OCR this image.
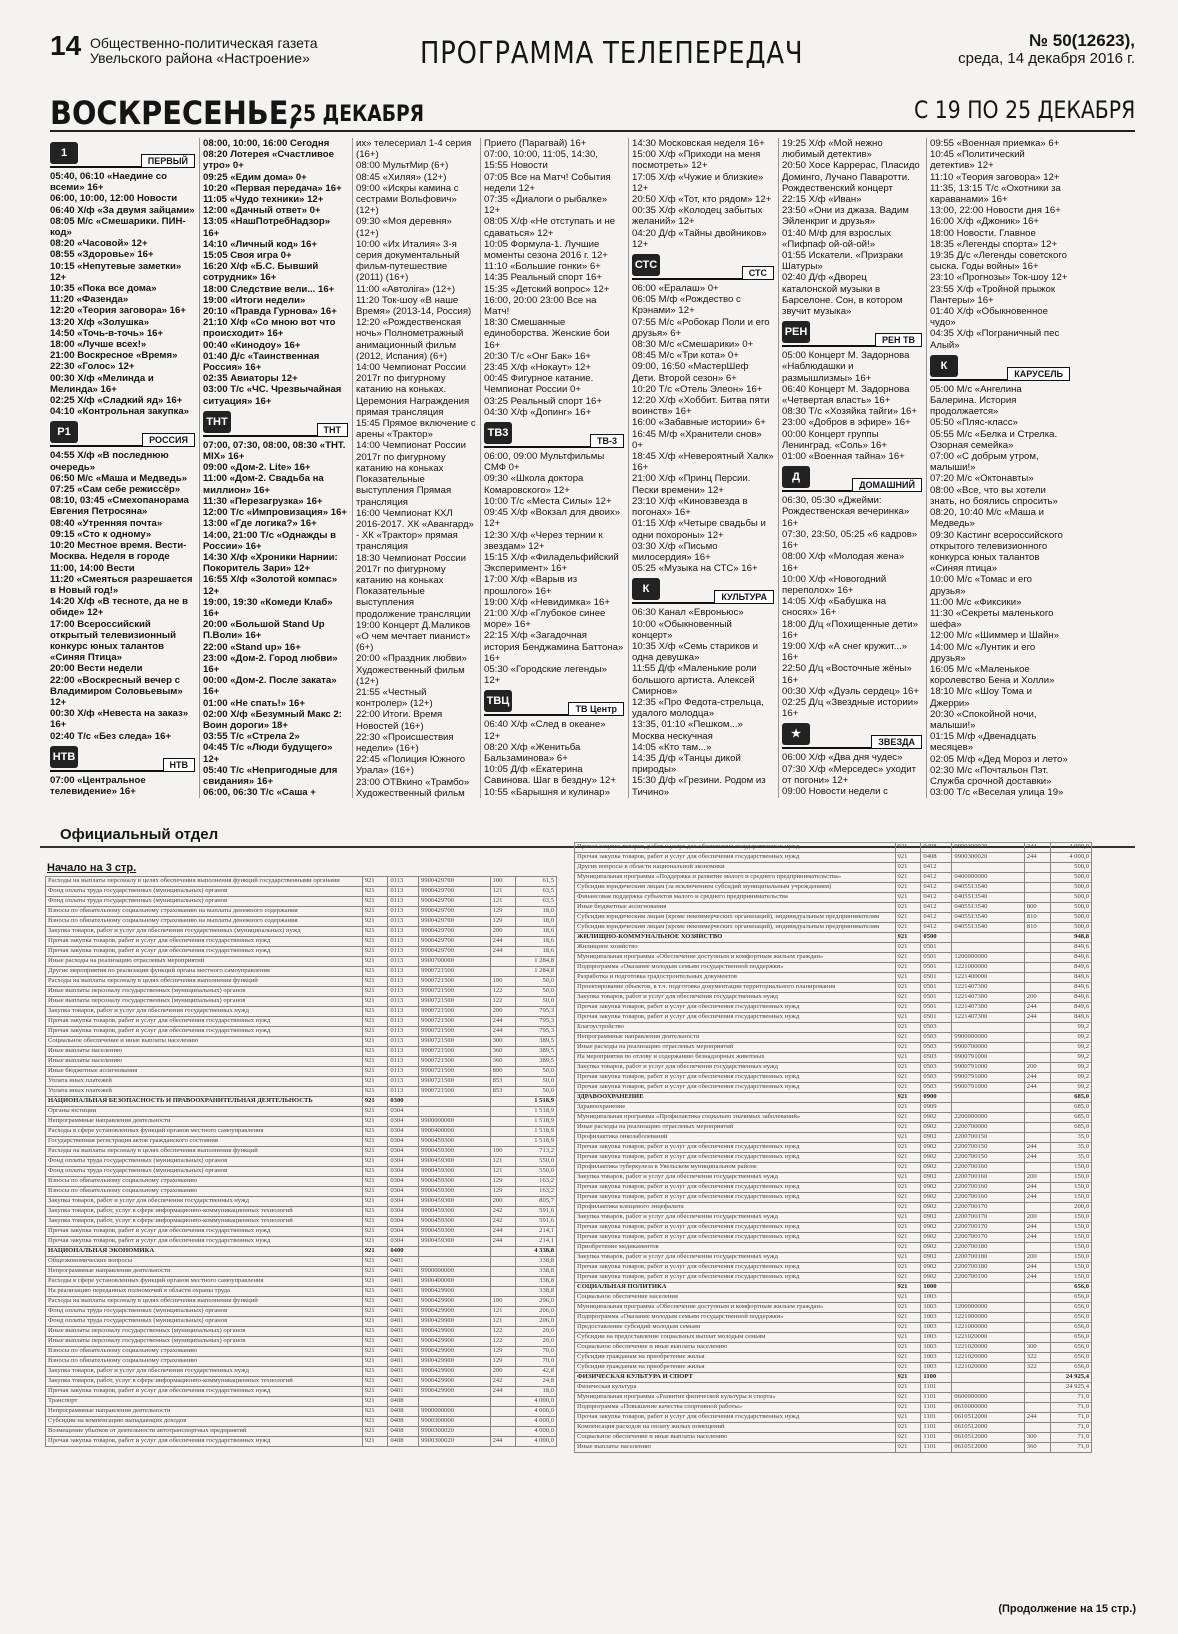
14 Общественно-политическая газета
Увельского района «Настроение»	ПРОГРАММА ТЕЛЕПЕРЕДАЧ	№ 50(12623),
среда, 14 декабря 2016 г.
ВОСКРЕСЕНЬЕ,
25 ДЕКАБРЯ	С 19 ПО 25 ДЕКАБРЯ
1
ПЕРВЫЙ

05:40, 06:10 «Наедине со всеми» 16+

06:00, 10:00, 12:00 Новости

06:40 Х/ф «За двумя зайцами»

08:05 М/с «Смешарики. ПИН-код»

08:20 «Часовой» 12+

08:55 «Здоровье» 16+

10:15 «Непутевые заметки» 12+

10:35 «Пока все дома»

11:20 «Фазенда»

12:20 «Теория заговора» 16+

13:20 Х/ф «Золушка»

14:50 «Точь-в-точь» 16+

18:00 «Лучше всех!»

21:00 Воскресное «Время»

22:30 «Голос» 12+

00:30 Х/ф «Мелинда и Мелинда» 16+

02:25 Х/ф «Сладкий яд» 16+

04:10 «Контрольная закупка»

Р1
РОССИЯ

04:55 Х/ф «В последнюю очередь»

06:50 М/с «Маша и Медведь»

07:25 «Сам себе режиссёр»

08:10, 03:45 «Смехопанорама Евгения Петросяна»

08:40 «Утренняя почта»

09:15 «Сто к одному»

10:20 Местное время. Вести-Москва. Неделя в городе

11:00, 14:00 Вести

11:20 «Смеяться разрешается в Новый год!»

14:20 Х/ф «В тесноте, да не в обиде» 12+

17:00 Всероссийский открытый телевизионный конкурс юных талантов «Синяя Птица»

20:00 Вести недели

22:00 «Воскресный вечер с Владимиром Соловьевым» 12+

00:30 Х/ф «Невеста на заказ» 16+

02:40 Т/с «Без следа» 16+

НТВ
НТВ

07:00 «Центральное телевидение» 16+

08:00, 10:00, 16:00 Сегодня

08:20 Лотерея «Счастливое утро» 0+

09:25 «Едим дома» 0+

10:20 «Первая передача» 16+

11:05 «Чудо техники» 12+

12:00 «Дачный ответ» 0+

13:05 «НашПотребНадзор» 16+

14:10 «Личный код» 16+

15:05 Своя игра 0+

16:20 Х/ф «Б.С. Бывший сотрудник» 16+

18:00 Следствие вели... 16+

19:00 «Итоги недели»

20:10 «Правда Гурнова» 16+

21:10 Х/ф «Со мною вот что происходит» 16+

00:40 «Кинодоу» 16+

01:40 Д/с «Таинственная Россия» 16+

02:35 Авиаторы 12+

03:00 Т/с «ЧС. Чрезвычайная ситуация» 16+

ТНТ
ТНТ

07:00, 07:30, 08:00, 08:30 «ТНТ. MIX» 16+

09:00 «Дом-2. Lite» 16+

11:00 «Дом-2. Свадьба на миллион» 16+

11:30 «Перезагрузка» 16+

12:00 Т/с «Импровизация» 16+

13:00 «Где логика?» 16+

14:00, 21:00 Т/с «Однажды в России» 16+

14:30 Х/ф «Хроники Нарнии: Покоритель Зари» 12+

16:55 Х/ф «Золотой компас» 12+

19:00, 19:30 «Комеди Клаб» 16+

20:00 «Большой Stand Up П.Воли» 16+

22:00 «Stand up» 16+

23:00 «Дом-2. Город любви» 16+

00:00 «Дом-2. После заката» 16+

01:00 «Не спать!» 16+

02:00 Х/ф «Безумный Макс 2: Воин дороги» 18+

03:55 Т/с «Стрела 2»

04:45 Т/с «Люди будущего» 12+

05:40 Т/с «Непригодные для свидания» 16+

06:00, 06:30 Т/с «Саша +

их» телесериал 1-4 серия (16+)

08:00 МультМир (6+)

08:45 «Хиляя» (12+)

09:00 «Искры камина с сестрами Вольфович» (12+)

09:30 «Моя деревня» (12+)

10:00 «Их Италия» 3-я серия документальный фильм-путешествие (2011) (16+)

11:00 «Автоліга» (12+)

11:20 Ток-шоу «В наше Время» (2013-14, Россия)

12:20 «Рождественская ночь» Полнометражный анимационный фильм (2012, Испания) (6+)

14:00 Чемпионат России 2017г по фигурному катанию на коньках. Церемония Награждения прямая трансляция

15:45 Прямое включение с арены «Трактор»

14:00 Чемпионат России 2017г по фигурному катанию на коньках Показательные выступления Прямая трансляция

16:00 Чемпионат КХЛ 2016-2017. ХК «Авангард» - ХК «Трактор» прямая трансляция

18:30 Чемпионат России 2017г по фигурному катанию на коньках Показательные выступления продолжение трансляции

19:00 Концерт Д.Маликов «О чем мечтает пианист» (6+)

20:00 «Праздник любви» Художественный фильм (12+)

21:55 «Честный контролер» (12+)

22:00 Итоги. Время Новостей (16+)

22:30 «Происшествия недели» (16+)

22:45 «Полиция Южного Урала» (16+)

23:00 ОТВкино «Трамбо» Художественный фильм

Прието (Парагвай) 16+

07:00, 10:00, 11:05, 14:30, 15:55 Новости

07:05 Все на Матч! События недели 12+

07:35 «Диалоги о рыбалке» 12+

08:05 Х/ф «Не отступать и не сдаваться» 12+

10:05 Формула-1. Лучшие моменты сезона 2016 г. 12+

11:10 «Большие гонки» 6+

14:35 Реальный спорт 16+

15:35 «Детский вопрос» 12+

16:00, 20:00 23:00 Все на Матч!

18:30 Смешанные единоборства. Женские бои 16+

20:30 Т/с «Онг Бак» 16+

23:45 Х/ф «Нокаут» 12+

00:45 Фигурное катание. Чемпионат России 0+

03:25 Реальный спорт 16+

04:30 Х/ф «Допинг» 16+

ТВ3
ТВ-3

06:00, 09:00 Мультфильмы СМФ 0+

09:30 «Школа доктора Комаровского» 12+

10:00 Т/с «Места Силы» 12+

09:45 Х/ф «Вокзал для двоих» 12+

12:30 Х/ф «Через тернии к звездам» 12+

15:15 Х/ф «Филадельфийский Эксперимент» 16+

17:00 Х/ф «Варыв из прошлого» 16+

19:00 Х/ф «Невидимка» 16+

21:00 Х/ф «Глубокое синее море» 16+

22:15 Х/ф «Загадочная история Бенджамина Баттона» 16+

05:30 «Городские легенды» 12+

ТВЦ
ТВ Центр

06:40 Х/ф «След в океане» 12+

08:20 Х/ф «Женитьба Бальзаминова» 6+

10:05 Д/ф «Екатерина Савинова. Шаг в бездну» 12+

10:55 «Барышня и кулинар»

14:30 Московская неделя 16+

15:00 Х/ф «Приходи на меня посмотреть» 12+

17:05 Х/ф «Чужие и близкие» 12+

20:50 Х/ф «Тот, кто рядом» 12+

00:35 Х/ф «Колодец забытых желаний» 12+

04:20 Д/ф «Тайны двойников» 12+

СТС
СТС

06:00 «Ералаш» 0+

06:05 М/ф «Рождество с Крэнами» 12+

07:55 М/с «Робокар Поли и его друзья» 6+

08:30 М/с «Смешарики» 0+

08:45 М/с «Три кота» 0+

09:00, 16:50 «МастерШеф Дети. Второй сезон» 6+

10:20 Т/с «Отель Элеон» 16+

12:20 Х/ф «Хоббит. Битва пяти воинств» 16+

16:00 «Забавные истории» 6+

16:45 М/ф «Хранители снов» 0+

18:45 Х/ф «Невероятный Халк» 16+

21:00 Х/ф «Принц Персии. Пески времени» 12+

23:10 Х/ф «Киновзвезда в погонах» 16+

01:15 Х/ф «Четыре свадьбы и одни похороны» 12+

03:30 Х/ф «Письмо милосердия» 16+

05:25 «Музыка на СТС» 16+

К
КУЛЬТУРА

06:30 Канал «Евроньюс»

10:00 «Обыкновенный концерт»

10:35 Х/ф «Семь стариков и одна девушка»

11:55 Д/ф «Маленькие роли большого артиста. Алексей Смирнов»

12:35 «Про Федота-стрельца, удалого молодца»

13:35, 01:10 «Пешком...» Москва нескучная

14:05 «Кто там...»

14:35 Д/ф «Танцы дикой природы»

15:30 Д/ф «Грезини. Родом из Тичино»

19:25 Х/ф «Мой нежно любимый детектив»

20:50 Хосе Каррерас, Пласидо Доминго, Лучано Паваротти. Рождественский концерт

22:15 Х/ф «Иван»

23:50 «Они из джаза. Вадим Эйленкриг и друзья»

01:40 М/ф для взрослых «Пифпаф ой-ой-ой!»

01:55 Искатели. «Призраки Шатуры»

02:40 Д/ф «Дворец каталонской музыки в Барселоне. Сон, в котором звучит музыка»

РЕН
РЕН ТВ

05:00 Концерт М. Задорнова «Наблюдашки и размышлизмы» 16+

06:40 Концерт М. Задорнова «Четвертая власть» 16+

08:30 Т/с «Хозяйка тайги» 16+

23:00 «Добров в эфире» 16+

00:00 Концерт группы Ленинград. «Соль» 16+

01:00 «Военная тайна» 16+

Д
ДОМАШНИЙ

06:30, 05:30 «Джейми: Рождественская вечеринка» 16+

07:30, 23:50, 05:25 «6 кадров» 16+

08:00 Х/ф «Молодая жена» 16+

10:00 Х/ф «Новогодний переполох» 16+

14:05 Х/ф «Бабушка на сносях» 16+

18:00 Д/ц «Похищенные дети» 16+

19:00 Х/ф «А снег кружит...» 16+

22:50 Д/ц «Восточные жёны» 16+

00:30 Х/ф «Дуэль сердец» 16+

02:25 Д/ц «Звездные истории» 16+

★
ЗВЕЗДА

06:00 Х/ф «Два дня чудес»

07:30 Х/ф «Мерседес» уходит от погони» 12+

09:00 Новости недели с

09:55 «Военная приемка» 6+

10:45 «Политический детектив» 12+

11:10 «Теория заговора» 12+

11:35, 13:15 Т/с «Охотники за караванами» 16+

13:00, 22:00 Новости дня 16+

16:00 Х/ф «Джоник» 16+

18:00 Новости. Главное

18:35 «Легенды спорта» 12+

19:35 Д/с «Легенды советского сыска. Годы войны» 16+

23:10 «Прогнозы» Ток-шоу 12+

23:55 Х/ф «Тройной прыжок Пантеры» 16+

01:40 Х/ф «Обыкновенное чудо»

04:35 Х/ф «Пограничный пес Алый»

К
КАРУСЕЛЬ

05:00 М/с «Ангелина Балерина. История продолжается»

05:50 «Пляс-класс»

05:55 М/с «Белка и Стрелка. Озорная семейка»

07:00 «С добрым утром, малыши!»

07:20 М/с «Октонавты»

08:00 «Все, что вы хотели знать, но боялись спросить»

08:20, 10:40 М/с «Маша и Медведь»

09:30 Кастинг всероссийского открытого телевизионного конкурса юных талантов «Синяя птица»

10:00 М/с «Томас и его друзья»

11:00 М/с «Фиксики»

11:30 «Секреты маленького шефа»

12:00 М/с «Шиммер и Шайн»

14:00 М/с «Лунтик и его друзья»

16:05 М/с «Маленькое королевство Бена и Холли»

18:10 М/с «Шоу Тома и Джерри»

20:30 «Спокойной ночи, малыши!»

01:15 М/ф «Двенадцать месяцев»

02:05 М/ф «Дед Мороз и лето»

02:30 М/с «Почтальон Пэт. Служба срочной доставки»

03:00 Т/с «Веселая улица 19»

Официальный отдел
Начало на 3 стр.
Расходы на выплаты персоналу в целях обеспечения выполнения функций государственными органами	921	0113	9900429700	100	61,5
Фонд оплаты труда государственных (муниципальных) органов	921	0113	9900429700	121	63,5
Фонд оплаты труда государственных (муниципальных) органов	921	0113	9900429700	121	63,5
Взносы по обязательному социальному страхованию на выплаты денежного содержания	921	0113	9900429700	129	18,0
Взносы по обязательному социальному страхованию на выплаты денежного содержания	921	0113	9900429700	129	18,0
Закупка товаров, работ и услуг для обеспечения государственных (муниципальных) нужд	921	0113	9900429700	200	18,6
Прочая закупка товаров, работ и услуг для обеспечения государственных нужд	921	0113	9900429700	244	18,6
Прочая закупка товаров, работ и услуг для обеспечения государственных нужд	921	0113	9900429700	244	18,6
Иные расходы на реализацию отраслевых мероприятий	921	0113	9900700000		1 284,8
Другие мероприятия по реализации функций органа местного самоуправления	921	0113	9900721500		1 284,8
Расходы на выплаты персоналу в целях обеспечения выполнения функций	921	0113	9900721500	100	50,0
Иные выплаты персоналу государственных (муниципальных) органов	921	0113	9900721500	122	50,0
Иные выплаты персоналу государственных (муниципальных) органов	921	0113	9900721500	122	50,0
Закупка товаров, работ и услуг для обеспечения государственных нужд	921	0113	9900721500	200	795,3
Прочая закупка товаров, работ и услуг для обеспечения государственных нужд	921	0113	9900721500	244	795,3
Прочая закупка товаров, работ и услуг для обеспечения государственных нужд	921	0113	9900721500	244	795,3
Социальное обеспечение и иные выплаты населению	921	0113	9900721500	300	389,5
Иные выплаты населению	921	0113	9900721500	360	389,5
Иные выплаты населению	921	0113	9900721500	360	389,5
Иные бюджетные ассигнования	921	0113	9900721500	800	50,0
Уплата иных платежей	921	0113	9900721500	853	50,0
Уплата иных платежей	921	0113	9900721500	853	50,0
НАЦИОНАЛЬНАЯ БЕЗОПАСНОСТЬ И ПРАВООХРАНИТЕЛЬНАЯ ДЕЯТЕЛЬНОСТЬ	921	0300			1 518,9
Органы юстиции	921	0304			1 518,9
Непрограммные направления деятельности	921	0304	9900000000		1 518,9
Расходы в сфере установленных функций органов местного самоуправления	921	0304	9900400000		1 518,9
Государственная регистрация актов гражданского состояния	921	0304	9900459300		1 518,9
Расходы на выплаты персоналу в целях обеспечения выполнения функций	921	0304	9900459300	100	713,2
Фонд оплаты труда государственных (муниципальных) органов	921	0304	9900459300	121	550,0
Фонд оплаты труда государственных (муниципальных) органов	921	0304	9900459300	121	550,0
Взносы по обязательному социальному страхованию	921	0304	9900459300	129	163,2
Взносы по обязательному социальному страхованию	921	0304	9900459300	129	163,2
Закупка товаров, работ и услуг для обеспечения государственных нужд	921	0304	9900459300	200	805,7
Закупка товаров, работ, услуг в сфере информационно-коммуникационных технологий	921	0304	9900459300	242	591,6
Закупка товаров, работ, услуг в сфере информационно-коммуникационных технологий	921	0304	9900459300	242	591,6
Прочая закупка товаров, работ и услуг для обеспечения государственных нужд	921	0304	9900459300	244	214,1
Прочая закупка товаров, работ и услуг для обеспечения государственных нужд	921	0304	9900459300	244	214,1
НАЦИОНАЛЬНАЯ ЭКОНОМИКА	921	0400			4 338,8
Общеэкономические вопросы	921	0401			338,8
Непрограммные направления деятельности	921	0401	9900000000		338,8
Расходы в сфере установленных функций органов местного самоуправления	921	0401	9900400000		338,8
На реализацию переданных полномочий в области охраны труда	921	0401	9900429900		338,8
Расходы на выплаты персоналу в целях обеспечения выполнения функций	921	0401	9900429900	100	296,0
Фонд оплаты труда государственных (муниципальных) органов	921	0401	9900429900	121	206,0
Фонд оплаты труда государственных (муниципальных) органов	921	0401	9900429900	121	206,0
Иные выплаты персоналу государственных (муниципальных) органов	921	0401	9900429900	122	20,0
Иные выплаты персоналу государственных (муниципальных) органов	921	0401	9900429900	122	20,0
Взносы по обязательному социальному страхованию	921	0401	9900429900	129	70,0
Взносы по обязательному социальному страхованию	921	0401	9900429900	129	70,0
Закупка товаров, работ и услуг для обеспечения государственных нужд	921	0401	9900429900	200	42,8
Закупка товаров, работ, услуг в сфере информационно-коммуникационных технологий	921	0401	9900429900	242	24,8
Прочая закупка товаров, работ и услуг для обеспечения государственных нужд	921	0401	9900429900	244	18,0
Транспорт	921	0408			4 000,0
Непрограммные направления деятельности	921	0408	9900000000		4 000,0
Субсидии на компенсацию выпадающих доходов	921	0408	9900300000		4 000,0
Возмещение убытков от деятельности автотранспортных предприятий	921	0408	9900300020		4 000,0
Прочая закупка товаров, работ и услуг для обеспечения государственных нужд	921	0408	9900300020	244	4 000,0
Прочая закупка товаров, работ и услуг для обеспечения государственных нужд	921	0408	9900300020	244	4 000,0
Прочая закупка товаров, работ и услуг для обеспечения государственных нужд	921	0408	9900300020	244	4 000,0
Другие вопросы в области национальной экономики	921	0412			500,0
Муниципальная программа «Поддержка и развитие малого и среднего предпринимательства»	921	0412	0400000000		500,0
Субсидии юридическим лицам (за исключением субсидий муниципальным учреждениям)	921	0412	0405513540		500,0
Финансовая поддержка субъектов малого и среднего предпринимательства	921	0412	0405513540		500,0
Иные бюджетные ассигнования	921	0412	0405513540	800	500,0
Субсидии юридическим лицам (кроме некоммерческих организаций), индивидуальным предпринимателям	921	0412	0405513540	810	500,0
Субсидии юридическим лицам (кроме некоммерческих организаций), индивидуальным предпринимателям	921	0412	0405513540	810	500,0
ЖИЛИЩНО-КОММУНАЛЬНОЕ ХОЗЯЙСТВО	921	0500			948,8
Жилищное хозяйство	921	0501			849,6
Муниципальная программа «Обеспечение доступным и комфортным жильем граждан»	921	0501	1200000000		849,6
Подпрограмма «Оказание молодым семьям государственной поддержки»	921	0501	1221000000		849,6
Разработка и подготовка градостроительных документов	921	0501	1221400000		849,6
Проектирование объектов, в т.ч. подготовка документации территориального планирования	921	0501	1221407300		849,6
Закупка товаров, работ и услуг для обеспечения государственных нужд	921	0501	1221407300	200	849,6
Прочая закупка товаров, работ и услуг для обеспечения государственных нужд	921	0501	1221407300	244	849,6
Прочая закупка товаров, работ и услуг для обеспечения государственных нужд	921	0501	1221407300	244	849,6
Благоустройство	921	0503			99,2
Непрограммные направления деятельности	921	0503	9900000000		99,2
Иные расходы на реализацию отраслевых мероприятий	921	0503	9900700000		99,2
На мероприятия по отлову и содержанию безнадзорных животных	921	0503	9900791000		99,2
Закупка товаров, работ и услуг для обеспечения государственных нужд	921	0503	9900791000	200	99,2
Прочая закупка товаров, работ и услуг для обеспечения государственных нужд	921	0503	9900791000	244	99,2
Прочая закупка товаров, работ и услуг для обеспечения государственных нужд	921	0503	9900791000	244	99,2
ЗДРАВООХРАНЕНИЕ	921	0900			685,0
Здравоохранение	921	0909			685,0
Муниципальная программа «Профилактика социально значимых заболеваний»	921	0902	2200000000		685,0
Иные расходы на реализацию отраслевых мероприятий	921	0902	2200700000		685,0
Профилактика онкозаболеваний	921	0902	2200700150		35,0
Прочая закупка товаров, работ и услуг для обеспечения государственных нужд	921	0902	2200700150	244	35,0
Прочая закупка товаров, работ и услуг для обеспечения государственных нужд	921	0902	2200700150	244	35,0
Профилактика туберкулеза в Увельском муниципальном районе	921	0902	2200700160		150,0
Закупка товаров, работ и услуг для обеспечения государственных нужд	921	0902	2200700160	200	150,0
Прочая закупка товаров, работ и услуг для обеспечения государственных нужд	921	0902	2200700160	244	150,0
Прочая закупка товаров, работ и услуг для обеспечения государственных нужд	921	0902	2200700160	244	150,0
Профилактика клещевого энцефалита	921	0902	2200700170		200,0
Закупка товаров, работ и услуг для обеспечения государственных нужд	921	0902	2200700170	200	150,0
Прочая закупка товаров, работ и услуг для обеспечения государственных нужд	921	0902	2200700170	244	150,0
Прочая закупка товаров, работ и услуг для обеспечения государственных нужд	921	0902	2200700170	244	150,0
Приобретение медикаментов	921	0902	2200700180		150,0
Закупка товаров, работ и услуг для обеспечения государственных нужд	921	0902	2200700180	200	150,0
Прочая закупка товаров, работ и услуг для обеспечения государственных нужд	921	0902	2200700180	244	150,0
Прочая закупка товаров, работ и услуг для обеспечения государственных нужд	921	0902	2200700190	244	150,0
СОЦИАЛЬНАЯ ПОЛИТИКА	921	1000			656,0
Социальное обеспечение населения	921	1003			656,0
Муниципальная программа «Обеспечение доступным и комфортным жильем граждан»	921	1003	1200000000		656,0
Подпрограмма «Оказание молодым семьям государственной поддержки»	921	1003	1221000000		656,0
Предоставление субсидий молодым семьям	921	1003	1221000000		656,0
Субсидии на предоставление социальных выплат молодым семьям	921	1003	1221020000		656,0
Социальное обеспечение и иные выплаты населению	921	1003	1221020000	300	656,0
Субсидии гражданам на приобретение жилья	921	1003	1221020000	322	656,0
Субсидии гражданам на приобретение жилья	921	1003	1221020000	322	656,0
ФИЗИЧЕСКАЯ КУЛЬТУРА И СПОРТ	921	1100			24 925,4
Физическая культура	921	1101			24 925,4
Муниципальная программа «Развитие физической культуры и спорта»	921	1101	0600000000		71,0
Подпрограмма «Повышение качества спортивной работы»	921	1101	0610000000		71,0
Прочая закупка товаров, работ и услуг для обеспечения государственных нужд	921	1101	0610512000	244	71,0
Компенсация расходов на оплату жилых помещений	921	1101	0610512000		71,0
Социальное обеспечение и иные выплаты населению	921	1101	0610512000	300	71,0
Иные выплаты населению	921	1101	0610512000	360	71,0
(Продолжение на 15 стр.)
